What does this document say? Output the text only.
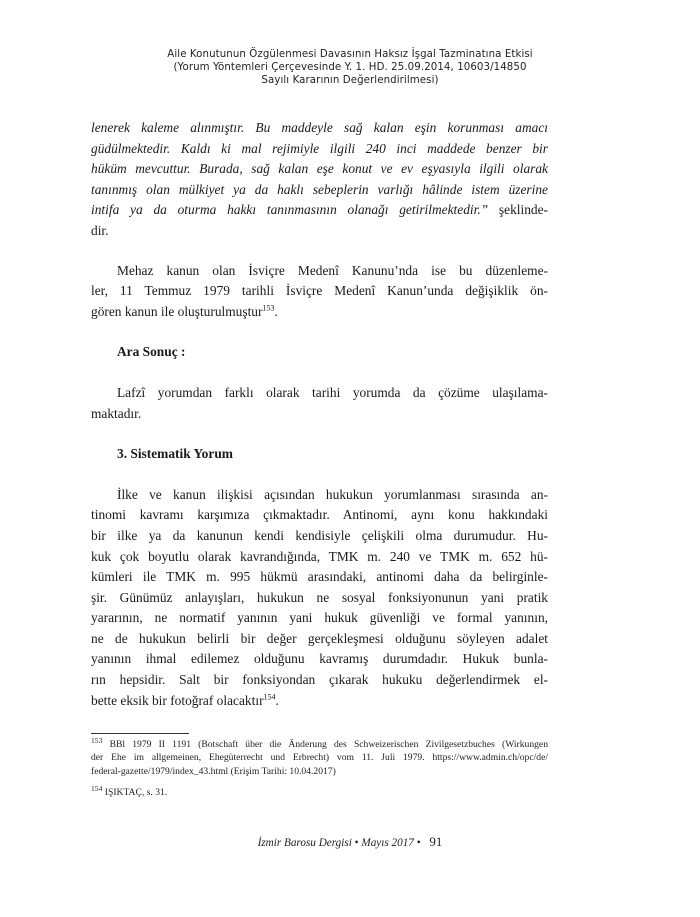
Aile Konutunun Özgülenmesi Davasının Haksız İşgal Tazminatına Etkisi
(Yorum Yöntemleri Çerçevesinde Y. 1. HD. 25.09.2014, 10603/14850
Sayılı Kararının Değerlendirilmesi)
lenerek kaleme alınmıştır. Bu maddeyle sağ kalan eşin korunması amacı
güdülmektedir. Kaldı ki mal rejimiyle ilgili 240 inci maddede benzer bir
hüküm mevcuttur. Burada, sağ kalan eşe konut ve ev eşyasıyla ilgili olarak
tanınmış olan mülkiyet ya da haklı sebeplerin varlığı hâlinde istem üzerine
intifa ya da oturma hakkı tanınmasının olanağı getirilmektedir.” şeklinde-
dir.
Mehaz kanun olan İsviçre Medenî Kanunu’nda ise bu düzenleme-
ler, 11 Temmuz 1979 tarihli İsviçre Medenî Kanun’unda değişiklik ön-
gören kanun ile oluşturulmuştur$^{153}$.

Ara Sonuç :

Lafzî yorumdan farklı olarak tarihi yorumda da çözüme ulaşılama-
maktadır.

3. Sistematik Yorum

İlke ve kanun ilişkisi açısından hukukun yorumlanması sırasında an-
tinomi kavramı karşımıza çıkmaktadır. Antinomi, aynı konu hakkındaki
bir ilke ya da kanunun kendi kendisiyle çelişkili olma durumudur. Hu-
kuk çok boyutlu olarak kavrandığında, TMK m. 240 ve TMK m. 652 hü-
kümleri ile TMK m. 995 hükmü arasındaki, antinomi daha da belirginle-
şir. Günümüz anlayışları, hukukun ne sosyal fonksiyonunun yani pratik
yararının, ne normatif yanının yani hukuk güvenliği ve formal yanının,
ne de hukukun belirli bir değer gerçekleşmesi olduğunu söyleyen adalet
yanının ihmal edilemez olduğunu kavramış durumdadır. Hukuk bunla-
rın hepsidir. Salt bir fonksiyondan çıkarak hukuku değerlendirmek el-
bette eksik bir fotoğraf olacaktır$^{154}$.
$^{153}$ BBl 1979 II 1191 (Botschaft über die Änderung des Schweizerischen Zivilgesetzbuches (Wirkungen
der Ehe im allgemeinen, Ehegüterrecht und Erbrecht) vom 11. Juli 1979. https://www.admin.ch/opc/de/
federal-gazette/1979/index_43.html (Erişim Tarihi: 10.04.2017)
$^{154}$ IŞIKTAÇ, s. 31.
İzmir Barosu Dergisi • Mayıs 2017 • 91
